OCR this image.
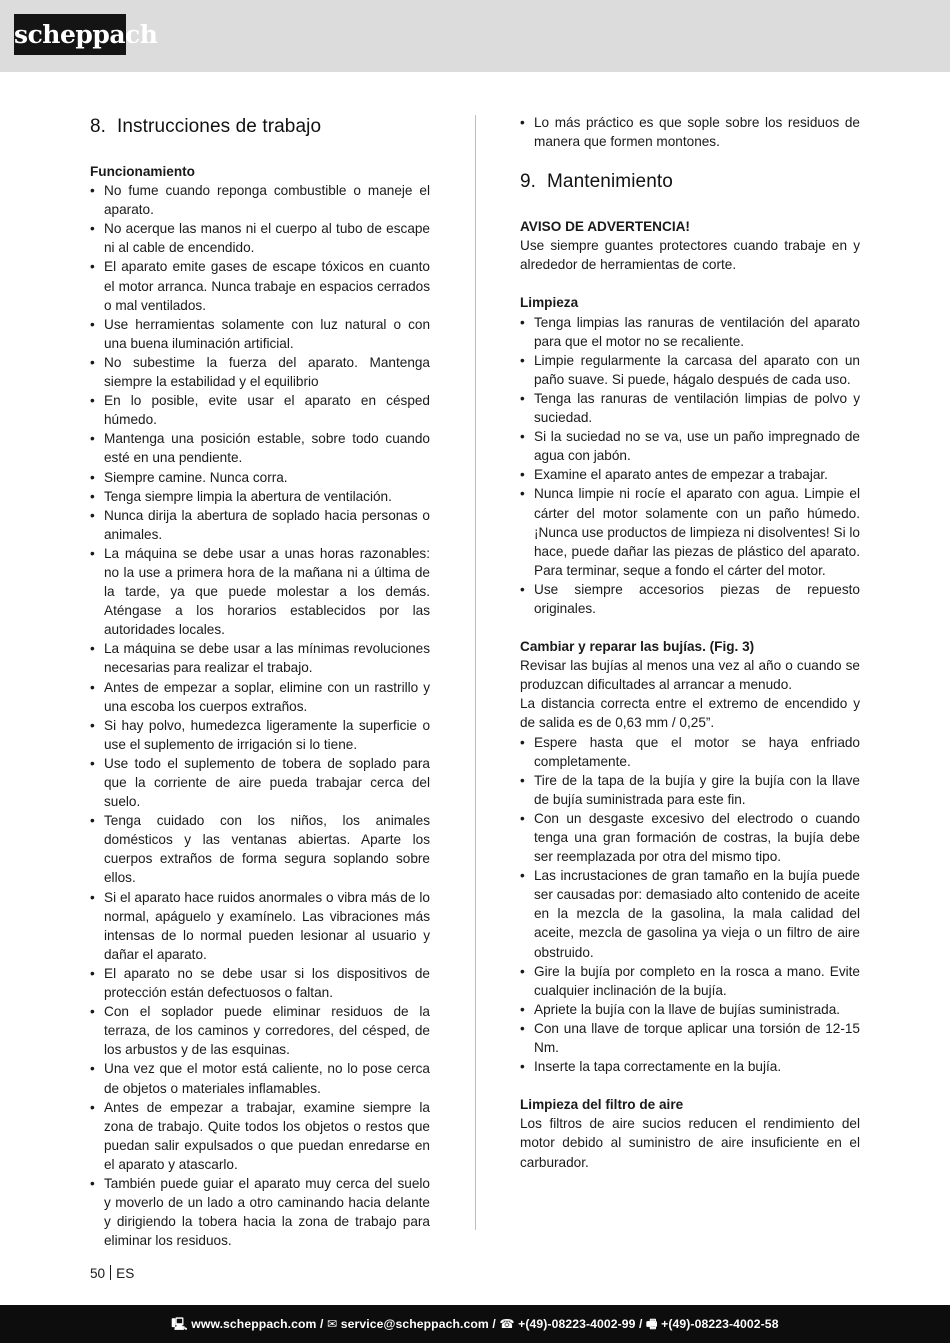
scheppach
8. Instrucciones de trabajo

Funcionamiento

• No fume cuando reponga combustible o maneje el aparato.
• No acerque las manos ni el cuerpo al tubo de escape ni al cable de encendido.
• El aparato emite gases de escape tóxicos en cuanto el motor arranca. Nunca trabaje en espacios cerrados o mal ventilados.
• Use herramientas solamente con luz natural o con una buena iluminación artificial.
• No subestime la fuerza del aparato. Mantenga siempre la estabilidad y el equilibrio
• En lo posible, evite usar el aparato en césped húmedo.
• Mantenga una posición estable, sobre todo cuando esté en una pendiente.
• Siempre camine. Nunca corra.
• Tenga siempre limpia la abertura de ventilación.
• Nunca dirija la abertura de soplado hacia personas o animales.
• La máquina se debe usar a unas horas razonables: no la use a primera hora de la mañana ni a última de la tarde, ya que puede molestar a los demás. Aténgase a los horarios establecidos por las autoridades locales.
• La máquina se debe usar a las mínimas revoluciones necesarias para realizar el trabajo.
• Antes de empezar a soplar, elimine con un rastrillo y una escoba los cuerpos extraños.
• Si hay polvo, humedezca ligeramente la superficie o use el suplemento de irrigación si lo tiene.
• Use todo el suplemento de tobera de soplado para que la corriente de aire pueda trabajar cerca del suelo.
• Tenga cuidado con los niños, los animales domésticos y las ventanas abiertas. Aparte los cuerpos extraños de forma segura soplando sobre ellos.
• Si el aparato hace ruidos anormales o vibra más de lo normal, apáguelo y examínelo. Las vibraciones más intensas de lo normal pueden lesionar al usuario y dañar el aparato.
• El aparato no se debe usar si los dispositivos de protección están defectuosos o faltan.
• Con el soplador puede eliminar residuos de la terraza, de los caminos y corredores, del césped, de los arbustos y de las esquinas.
• Una vez que el motor está caliente, no lo pose cerca de objetos o materiales inflamables.
• Antes de empezar a trabajar, examine siempre la zona de trabajo. Quite todos los objetos o restos que puedan salir expulsados o que puedan enredarse en el aparato y atascarlo.
• También puede guiar el aparato muy cerca del suelo y moverlo de un lado a otro caminando hacia delante y dirigiendo la tobera hacia la zona de trabajo para eliminar los residuos.
• Lo más práctico es que sople sobre los residuos de manera que formen montones.
9. Mantenimiento

AVISO DE ADVERTENCIA!

Use siempre guantes protectores cuando trabaje en y alrededor de herramientas de corte.

Limpieza

• Tenga limpias las ranuras de ventilación del aparato para que el motor no se recaliente.
• Limpie regularmente la carcasa del aparato con un paño suave. Si puede, hágalo después de cada uso.
• Tenga las ranuras de ventilación limpias de polvo y suciedad.
• Si la suciedad no se va, use un paño impregnado de agua con jabón.
• Examine el aparato antes de empezar a trabajar.
• Nunca limpie ni rocíe el aparato con agua. Limpie el cárter del motor solamente con un paño húmedo. ¡Nunca use productos de limpieza ni disolventes! Si lo hace, puede dañar las piezas de plástico del aparato. Para terminar, seque a fondo el cárter del motor.
• Use siempre accesorios piezas de repuesto originales.

Cambiar y reparar las bujías. (Fig. 3)

Revisar las bujías al menos una vez al año o cuando se produzcan dificultades al arrancar a menudo.

La distancia correcta entre el extremo de encendido y de salida es de 0,63 mm / 0,25”.

• Espere hasta que el motor se haya enfriado completamente.
• Tire de la tapa de la bujía y gire la bujía con la llave de bujía suministrada para este fin.
• Con un desgaste excesivo del electrodo o cuando tenga una gran formación de costras, la bujía debe ser reemplazada por otra del mismo tipo.
• Las incrustaciones de gran tamaño en la bujía puede ser causadas por: demasiado alto contenido de aceite en la mezcla de la gasolina, la mala calidad del aceite, mezcla de gasolina ya vieja o un filtro de aire obstruido.
• Gire la bujía por completo en la rosca a mano. Evite cualquier inclinación de la bujía.
• Apriete la bujía con la llave de bujías suministrada.
• Con una llave de torque aplicar una torsión de 12-15 Nm.
• Inserte la tapa correctamente en la bujía.

Limpieza del filtro de aire

Los filtros de aire sucios reducen el rendimiento del motor debido al suministro de aire insuficiente en el carburador.

50 ES
🖳 www.scheppach.com / ✉ service@scheppach.com / ☎ +(49)-08223-4002-99 / 🖷 +(49)-08223-4002-58
